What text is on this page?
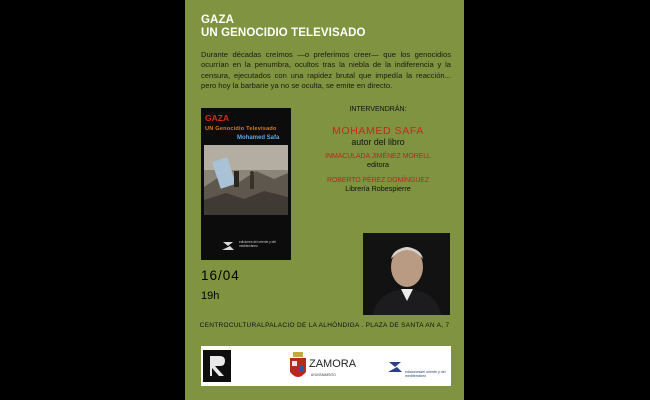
GAZA
UN GENOCIDIO TELEVISADO
Durante décadas creímos —o preferimos creer— que los genocidios ocurrían en la penumbra, ocultos tras la niebla de la indiferencia y la censura, ejecutados con una rapidez brutal que impedía la reacción... pero hoy la barbarie ya no se oculta, se emite en directo.
GAZA
UN Genocidio Televisado
Mohamed Safa
ediciones del oriente y del mediterráneo
INTERVENDRÁN:
MOHAMED SAFA
autor del libro
INMACULADA JIMÉNEZ MORELL
editora
ROBERTO PÉREZ DOMÍNGUEZ
Librería Robespierre
16/04
19h
CENTROCULTURALPALACIO DE LA ALHÓNDIGA . PLAZA DE SANTA AN A, 7
ZAMORA
AYUNTAMIENTO
edicionesdel oriente y del mediterráneo
